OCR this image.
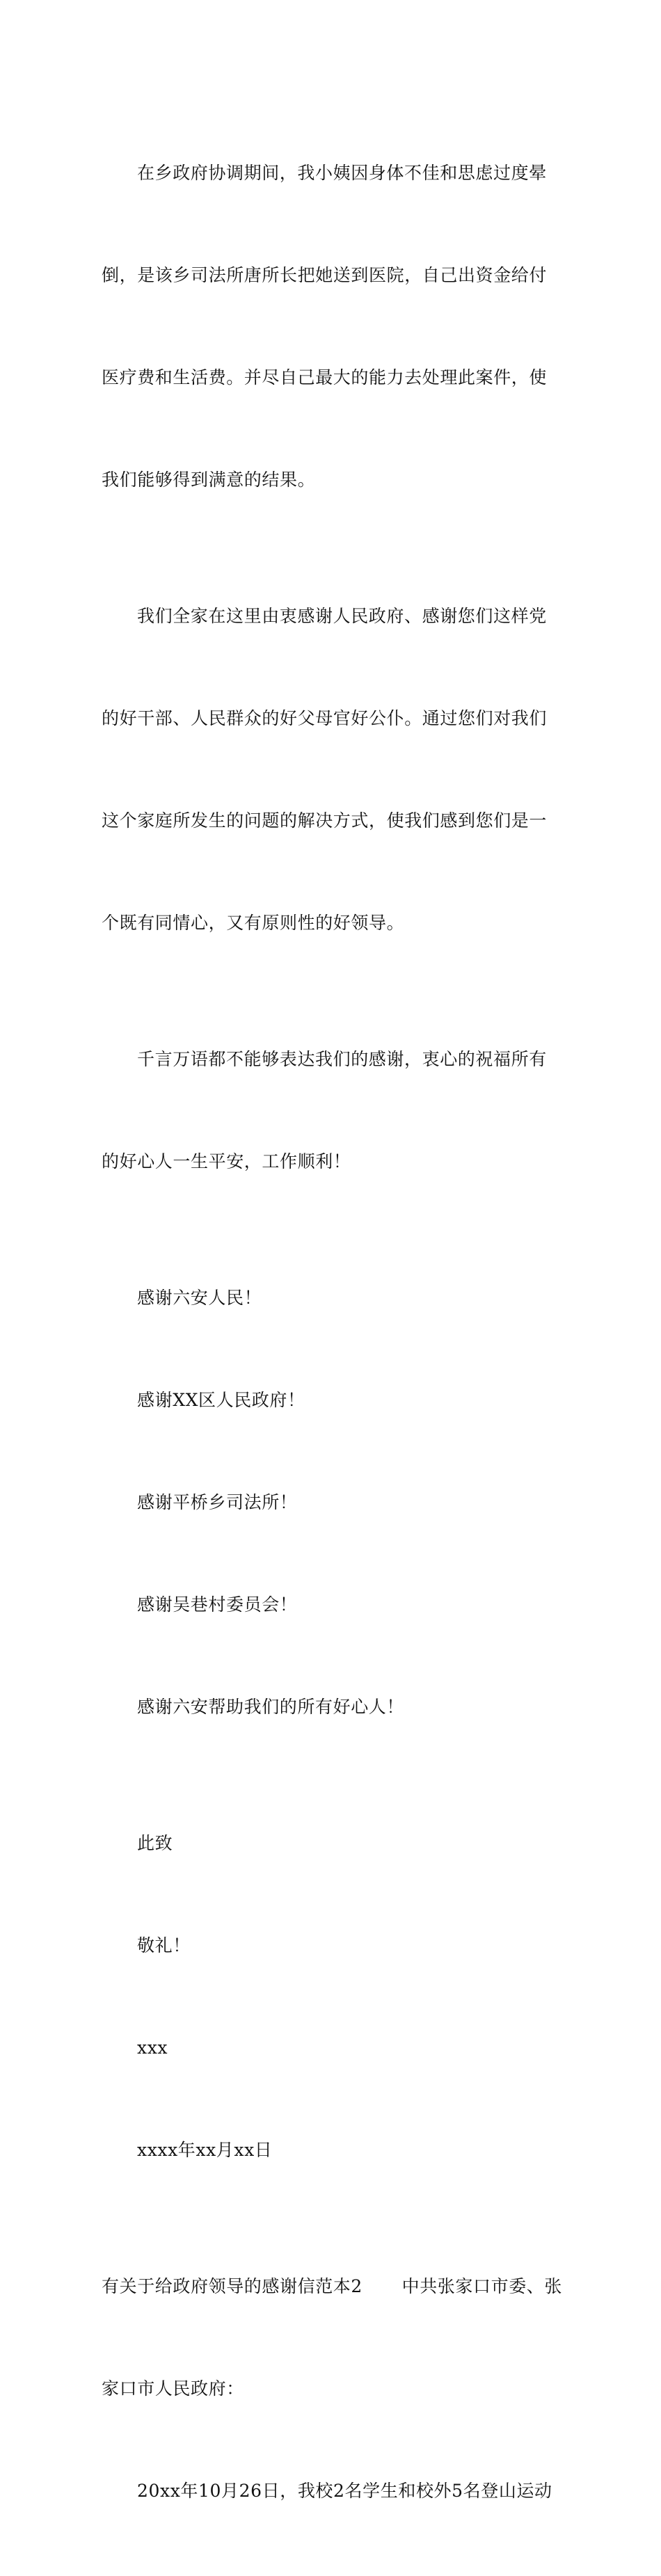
在乡政府协调期间，我小姨因身体不佳和思虑过度晕

倒，是该乡司法所唐所长把她送到医院，自己出资金给付

医疗费和生活费。并尽自己最大的能力去处理此案件，使

我们能够得到满意的结果。

我们全家在这里由衷感谢人民政府、感谢您们这样党

的好干部、人民群众的好父母官好公仆。通过您们对我们

这个家庭所发生的问题的解决方式，使我们感到您们是一

个既有同情心，又有原则性的好领导。

千言万语都不能够表达我们的感谢，衷心的祝福所有

的好心人一生平安，工作顺利！

感谢六安人民！

感谢XX区人民政府！

感谢平桥乡司法所！

感谢吴巷村委员会！

感谢六安帮助我们的所有好心人！

此致

敬礼！

xxx

xxxx年xx月xx日

有关于给政府领导的感谢信范本2 中共张家口市委、张

家口市人民政府：

20xx年10月26日，我校2名学生和校外5名登山运动
